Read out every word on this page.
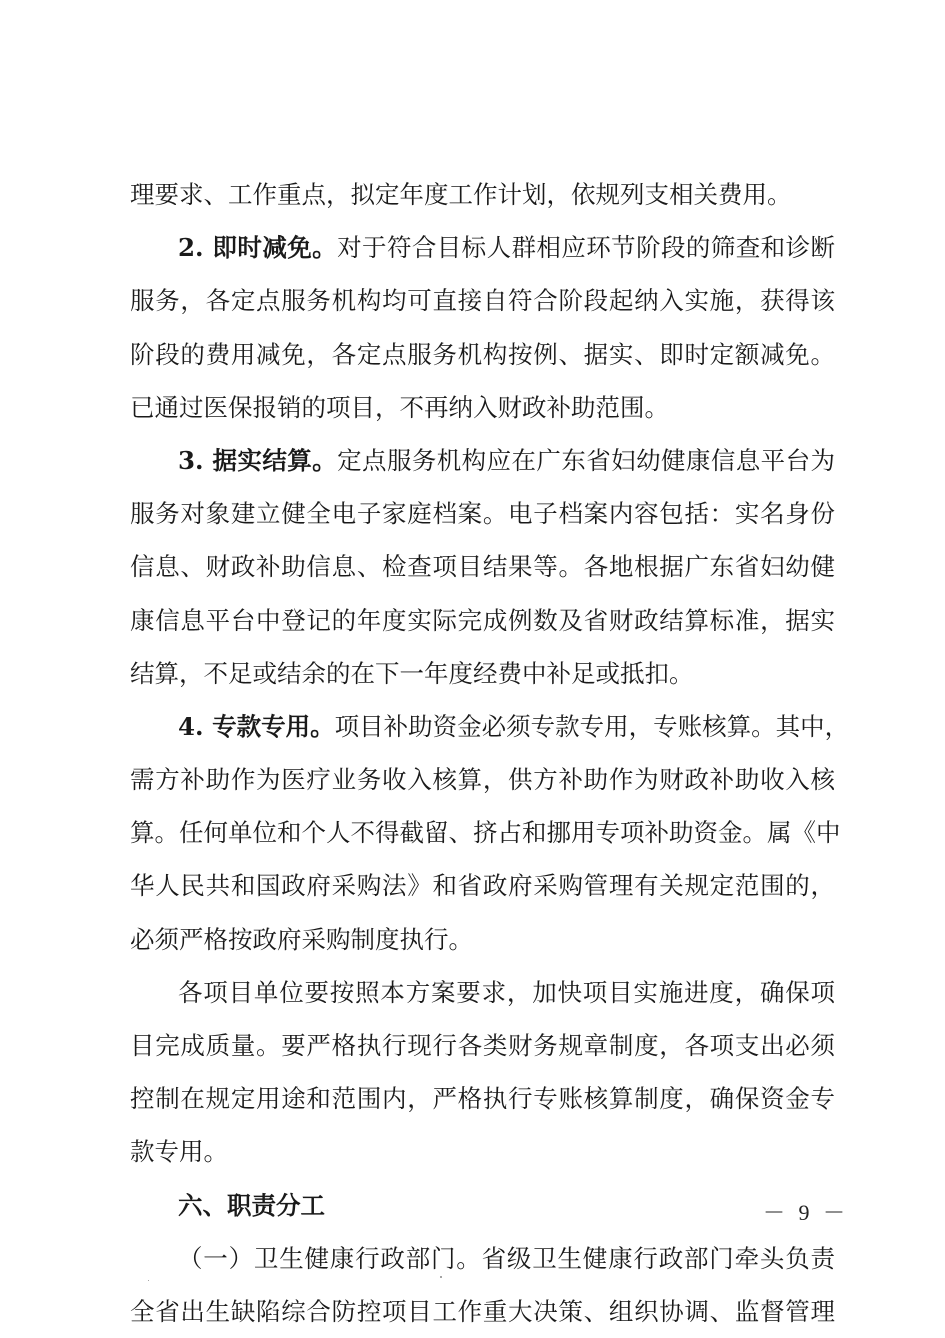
理要求、工作重点，拟定年度工作计划，依规列支相关费用。
2. 即时减免。对于符合目标人群相应环节阶段的筛查和诊断
服务，各定点服务机构均可直接自符合阶段起纳入实施，获得该
阶段的费用减免，各定点服务机构按例、据实、即时定额减免。
已通过医保报销的项目，不再纳入财政补助范围。
3. 据实结算。定点服务机构应在广东省妇幼健康信息平台为
服务对象建立健全电子家庭档案。电子档案内容包括：实名身份
信息、财政补助信息、检查项目结果等。各地根据广东省妇幼健
康信息平台中登记的年度实际完成例数及省财政结算标准，据实
结算，不足或结余的在下一年度经费中补足或抵扣。
4. 专款专用。项目补助资金必须专款专用，专账核算。其中，
需方补助作为医疗业务收入核算，供方补助作为财政补助收入核
算。任何单位和个人不得截留、挤占和挪用专项补助资金。属《中
华人民共和国政府采购法》和省政府采购管理有关规定范围的，
必须严格按政府采购制度执行。
各项目单位要按照本方案要求，加快项目实施进度，确保项
目完成质量。要严格执行现行各类财务规章制度，各项支出必须
控制在规定用途和范围内，严格执行专账核算制度，确保资金专
款专用。
六、职责分工
（一）卫生健康行政部门。省级卫生健康行政部门牵头负责
全省出生缺陷综合防控项目工作重大决策、组织协调、监督管理
－ 9 －
